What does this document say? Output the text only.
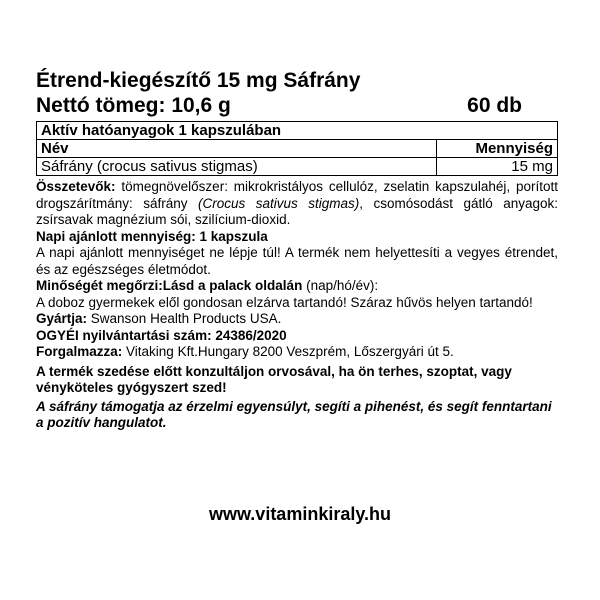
Étrend-kiegészítő 15 mg Sáfrány
Nettó tömeg: 10,6 g	60 db
Aktív hatóanyagok 1 kapszulában	
Név	Mennyiség
Sáfrány (crocus sativus stigmas)	15 mg

Összetevők: tömegnövelőszer: mikrokristályos cellulóz, zselatin kapszulahéj, porított drogszárítmány: sáfrány (Crocus sativus stigmas), csomósodást gátló anyagok: zsírsavak magnézium sói, szilícium-dioxid.

Napi ajánlott mennyiség: 1 kapszula

A napi ajánlott mennyiséget ne lépje túl! A termék nem helyettesíti a vegyes étrendet, és az egészséges életmódot.

Minőségét megőrzi:Lásd a palack oldalán (nap/hó/év):

A doboz gyermekek elől gondosan elzárva tartandó! Száraz hűvös helyen tartandó!

Gyártja: Swanson Health Products USA.

OGYÉI nyilvántartási szám: 24386/2020

Forgalmazza: Vitaking Kft.Hungary 8200 Veszprém, Lőszergyári út 5.

A termék szedése előtt konzultáljon orvosával, ha ön terhes, szoptat, vagy vényköteles gyógyszert szed!

A sáfrány támogatja az érzelmi egyensúlyt, segíti a pihenést, és segít fenntartani a pozitív hangulatot.

www.vitaminkiraly.hu
